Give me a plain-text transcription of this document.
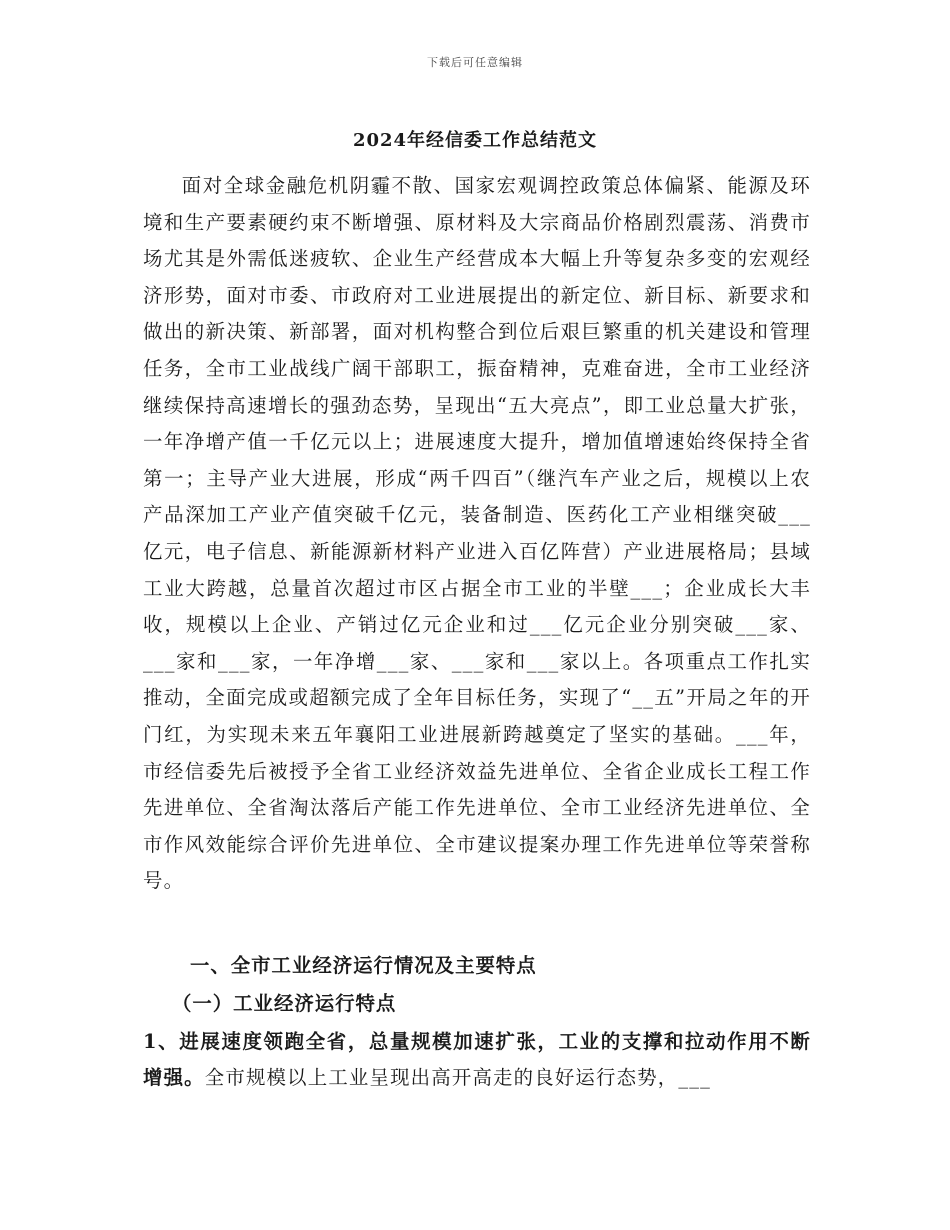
下载后可任意编辑
2024年经信委工作总结范文

面对全球金融危机阴霾不散、国家宏观调控政策总体偏紧、能源及环境和生产要素硬约束不断增强、原材料及大宗商品价格剧烈震荡、消费市场尤其是外需低迷疲软、企业生产经营成本大幅上升等复杂多变的宏观经济形势，面对市委、市政府对工业进展提出的新定位、新目标、新要求和做出的新决策、新部署，面对机构整合到位后艰巨繁重的机关建设和管理任务，全市工业战线广阔干部职工，振奋精神，克难奋进，全市工业经济继续保持高速增长的强劲态势，呈现出“五大亮点”，即工业总量大扩张，一年净增产值一千亿元以上；进展速度大提升，增加值增速始终保持全省第一；主导产业大进展，形成“两千四百”（继汽车产业之后，规模以上农产品深加工产业产值突破千亿元，装备制造、医药化工产业相继突破___亿元，电子信息、新能源新材料产业进入百亿阵营）产业进展格局；县域工业大跨越，总量首次超过市区占据全市工业的半壁___；企业成长大丰收，规模以上企业、产销过亿元企业和过___亿元企业分别突破___家、___家和___家，一年净增___家、___家和___家以上。各项重点工作扎实推动，全面完成或超额完成了全年目标任务，实现了“__五”开局之年的开门红，为实现未来五年襄阳工业进展新跨越奠定了坚实的基础。___年，市经信委先后被授予全省工业经济效益先进单位、全省企业成长工程工作先进单位、全省淘汰落后产能工作先进单位、全市工业经济先进单位、全市作风效能综合评价先进单位、全市建议提案办理工作先进单位等荣誉称号。

一、全市工业经济运行情况及主要特点
（一）工业经济运行特点
1、进展速度领跑全省，总量规模加速扩张，工业的支撑和拉动作用不断增强。全市规模以上工业呈现出高开高走的良好运行态势，___
